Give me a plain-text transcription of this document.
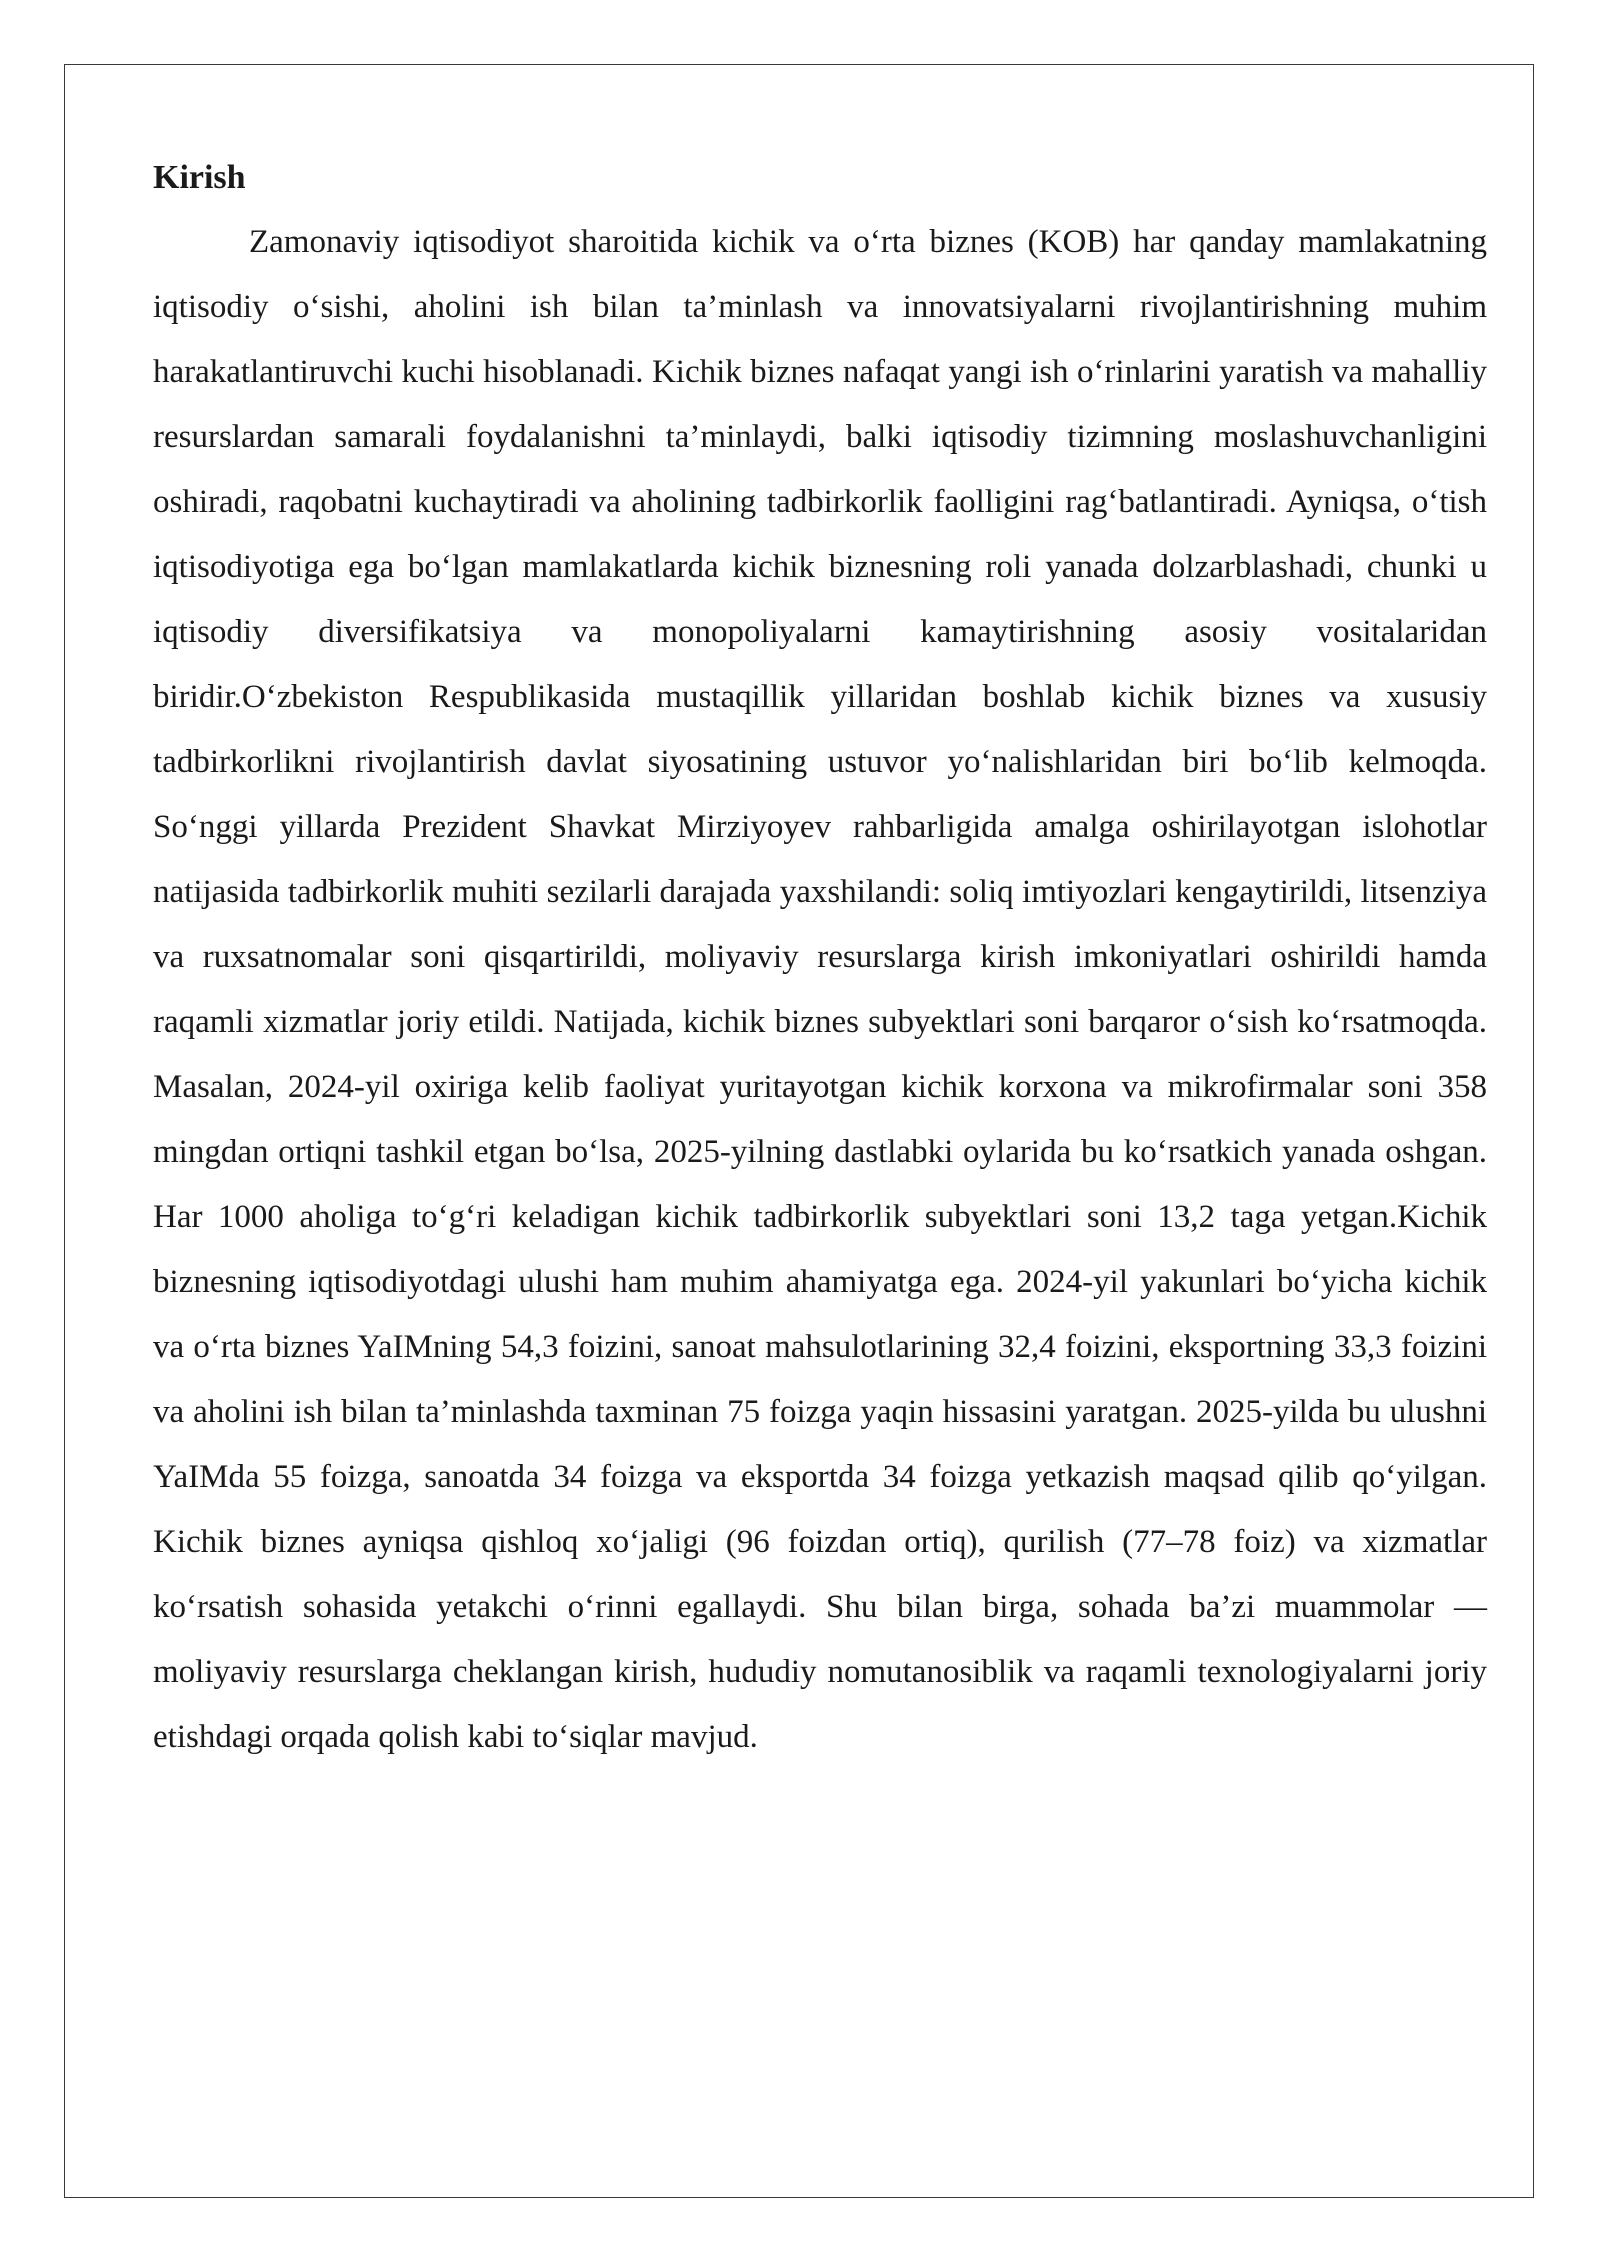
Kirish

Zamonaviy iqtisodiyot sharoitida kichik va o‘rta biznes (KOB) har qanday mamlakatning iqtisodiy o‘sishi, aholini ish bilan ta’minlash va innovatsiyalarni rivojlantirishning muhim harakatlantiruvchi kuchi hisoblanadi. Kichik biznes nafaqat yangi ish o‘rinlarini yaratish va mahalliy resurslardan samarali foydalanishni ta’minlaydi, balki iqtisodiy tizimning moslashuvchanligini oshiradi, raqobatni kuchaytiradi va aholining tadbirkorlik faolligini rag‘batlantiradi. Ayniqsa, o‘tish iqtisodiyotiga ega bo‘lgan mamlakatlarda kichik biznesning roli yanada dolzarblashadi, chunki u iqtisodiy diversifikatsiya va monopoliyalarni kamaytirishning asosiy vositalaridan biridir.O‘zbekiston Respublikasida mustaqillik yillaridan boshlab kichik biznes va xususiy tadbirkorlikni rivojlantirish davlat siyosatining ustuvor yo‘nalishlaridan biri bo‘lib kelmoqda. So‘nggi yillarda Prezident Shavkat Mirziyoyev rahbarligida amalga oshirilayotgan islohotlar natijasida tadbirkorlik muhiti sezilarli darajada yaxshilandi: soliq imtiyozlari kengaytirildi, litsenziya va ruxsatnomalar soni qisqartirildi, moliyaviy resurslarga kirish imkoniyatlari oshirildi hamda raqamli xizmatlar joriy etildi. Natijada, kichik biznes subyektlari soni barqaror o‘sish ko‘rsatmoqda. Masalan, 2024-yil oxiriga kelib faoliyat yuritayotgan kichik korxona va mikrofirmalar soni 358 mingdan ortiqni tashkil etgan bo‘lsa, 2025-yilning dastlabki oylarida bu ko‘rsatkich yanada oshgan. Har 1000 aholiga to‘g‘ri keladigan kichik tadbirkorlik subyektlari soni 13,2 taga yetgan.Kichik biznesning iqtisodiyotdagi ulushi ham muhim ahamiyatga ega. 2024-yil yakunlari bo‘yicha kichik va o‘rta biznes YaIMning 54,3 foizini, sanoat mahsulotlarining 32,4 foizini, eksportning 33,3 foizini va aholini ish bilan ta’minlashda taxminan 75 foizga yaqin hissasini yaratgan. 2025-yilda bu ulushni YaIMda 55 foizga, sanoatda 34 foizga va eksportda 34 foizga yetkazish maqsad qilib qo‘yilgan. Kichik biznes ayniqsa qishloq xo‘jaligi (96 foizdan ortiq), qurilish (77–78 foiz) va xizmatlar ko‘rsatish sohasida yetakchi o‘rinni egallaydi. Shu bilan birga, sohada ba’zi muammolar — moliyaviy resurslarga cheklangan kirish, hududiy nomutanosiblik va raqamli texnologiyalarni joriy etishdagi orqada qolish kabi to‘siqlar mavjud.
